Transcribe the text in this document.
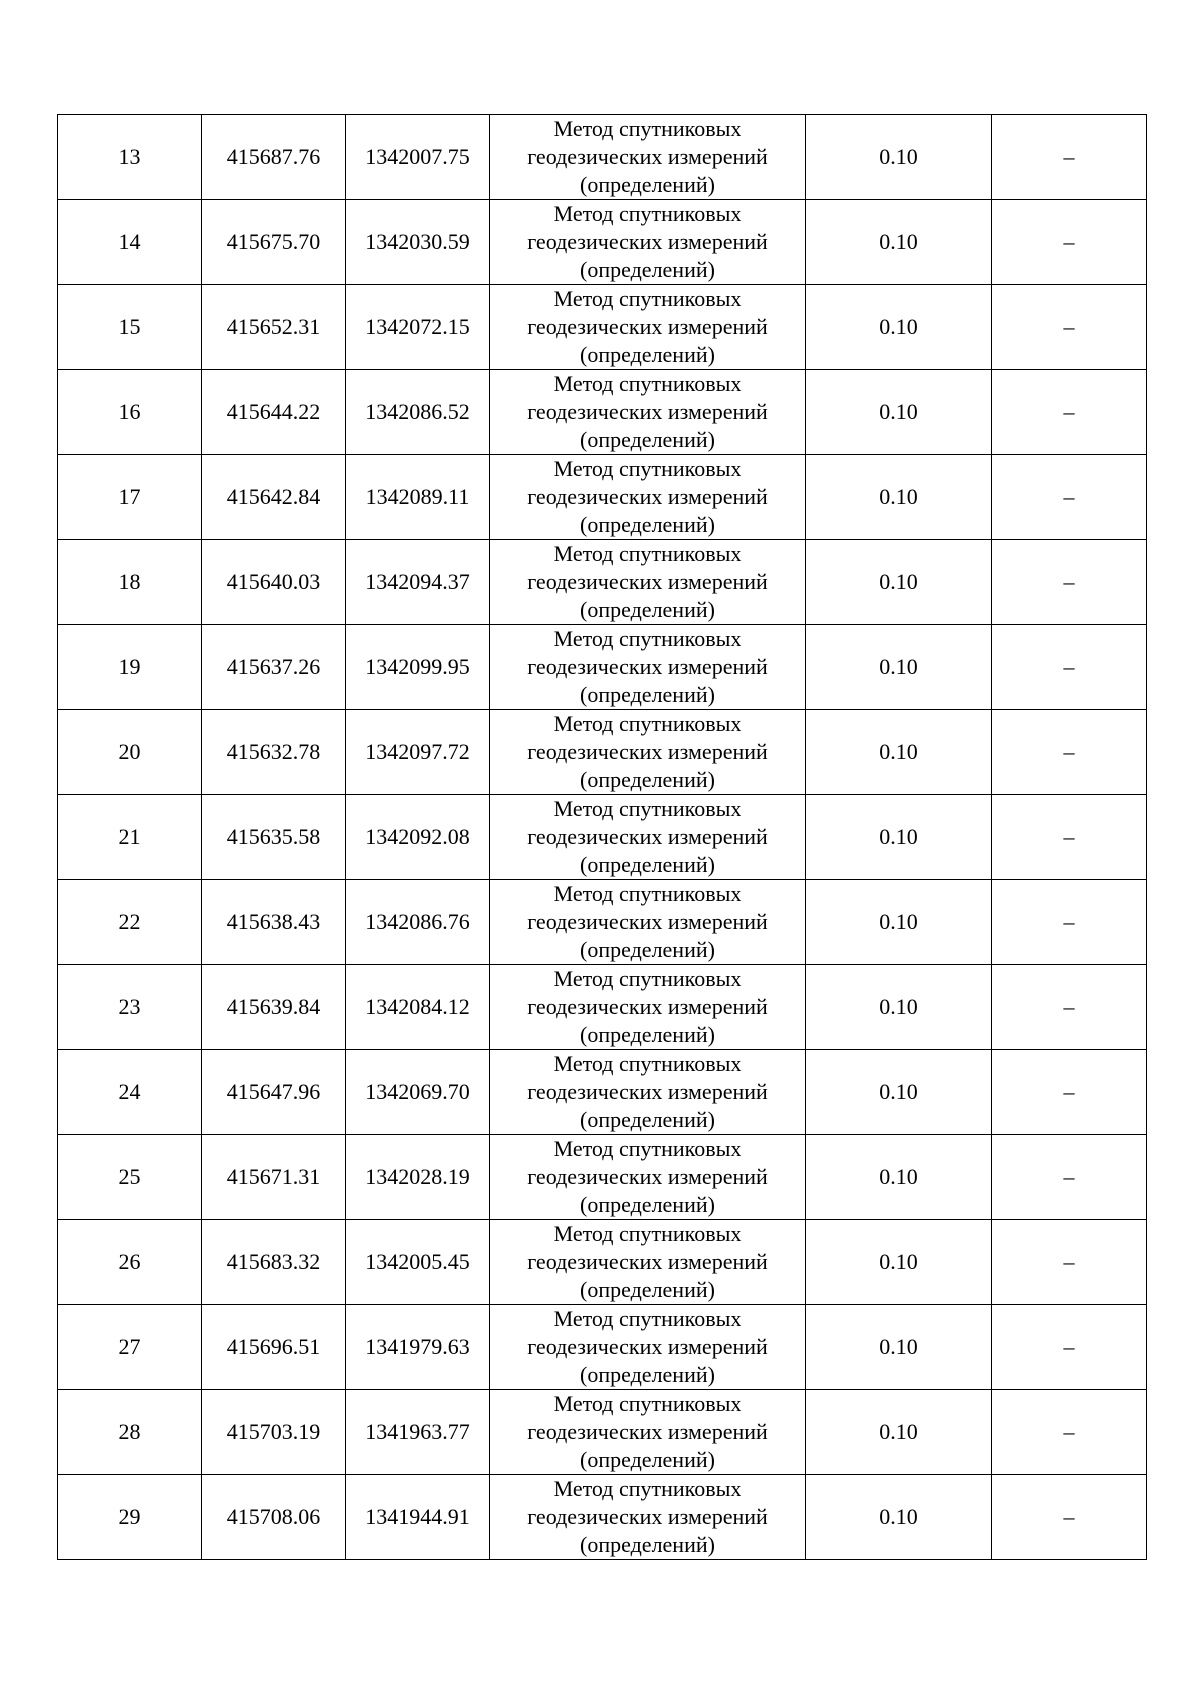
13	415687.76	1342007.75	Метод спутниковых
геодезических измерений
(определений)	0.10	–
14	415675.70	1342030.59	Метод спутниковых
геодезических измерений
(определений)	0.10	–
15	415652.31	1342072.15	Метод спутниковых
геодезических измерений
(определений)	0.10	–
16	415644.22	1342086.52	Метод спутниковых
геодезических измерений
(определений)	0.10	–
17	415642.84	1342089.11	Метод спутниковых
геодезических измерений
(определений)	0.10	–
18	415640.03	1342094.37	Метод спутниковых
геодезических измерений
(определений)	0.10	–
19	415637.26	1342099.95	Метод спутниковых
геодезических измерений
(определений)	0.10	–
20	415632.78	1342097.72	Метод спутниковых
геодезических измерений
(определений)	0.10	–
21	415635.58	1342092.08	Метод спутниковых
геодезических измерений
(определений)	0.10	–
22	415638.43	1342086.76	Метод спутниковых
геодезических измерений
(определений)	0.10	–
23	415639.84	1342084.12	Метод спутниковых
геодезических измерений
(определений)	0.10	–
24	415647.96	1342069.70	Метод спутниковых
геодезических измерений
(определений)	0.10	–
25	415671.31	1342028.19	Метод спутниковых
геодезических измерений
(определений)	0.10	–
26	415683.32	1342005.45	Метод спутниковых
геодезических измерений
(определений)	0.10	–
27	415696.51	1341979.63	Метод спутниковых
геодезических измерений
(определений)	0.10	–
28	415703.19	1341963.77	Метод спутниковых
геодезических измерений
(определений)	0.10	–
29	415708.06	1341944.91	Метод спутниковых
геодезических измерений
(определений)	0.10	–
